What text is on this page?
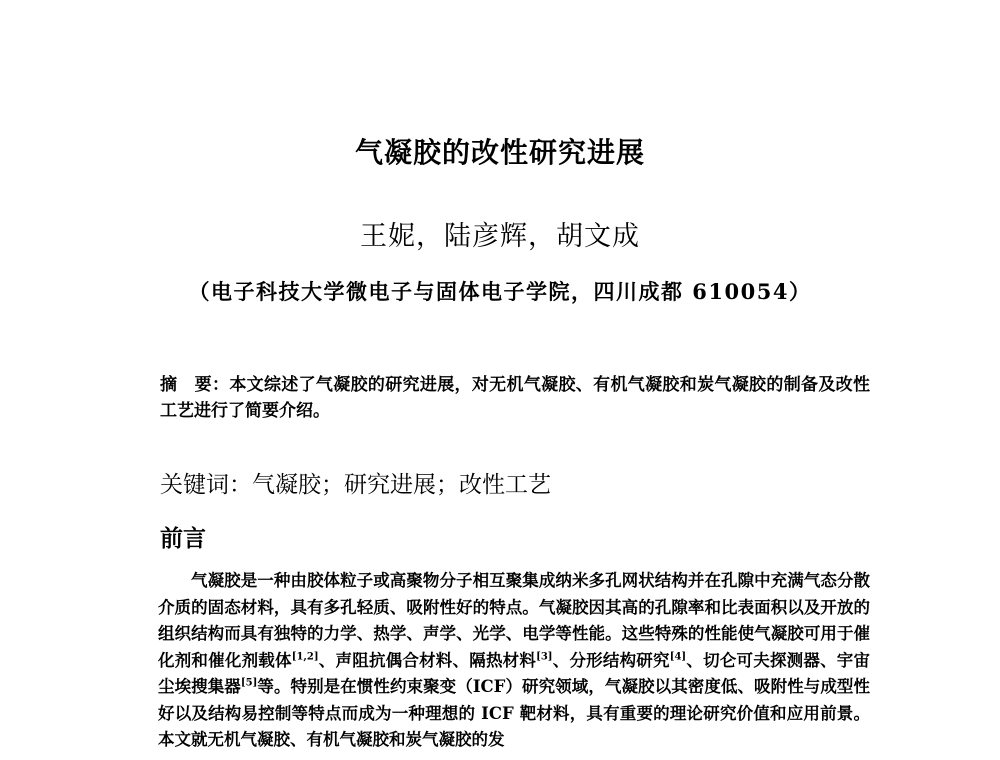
气凝胶的改性研究进展
王妮，陆彦辉，胡文成
（电子科技大学微电子与固体电子学院，四川成都 610054）
摘　要：本文综述了气凝胶的研究进展，对无机气凝胶、有机气凝胶和炭气凝胶的制备及改性工艺进行了简要介绍。
关键词：气凝胶；研究进展；改性工艺
前言
气凝胶是一种由胶体粒子或高聚物分子相互聚集成纳米多孔网状结构并在孔隙中充满气态分散介质的固态材料，具有多孔轻质、吸附性好的特点。气凝胶因其高的孔隙率和比表面积以及开放的组织结构而具有独特的力学、热学、声学、光学、电学等性能。这些特殊的性能使气凝胶可用于催化剂和催化剂载体[1,2]、声阻抗偶合材料、隔热材料[3]、分形结构研究[4]、切仑可夫探测器、宇宙尘埃搜集器[5]等。特别是在惯性约束聚变（ICF）研究领域，气凝胶以其密度低、吸附性与成型性好以及结构易控制等特点而成为一种理想的 ICF 靶材料，具有重要的理论研究价值和应用前景。本文就无机气凝胶、有机气凝胶和炭气凝胶的发
